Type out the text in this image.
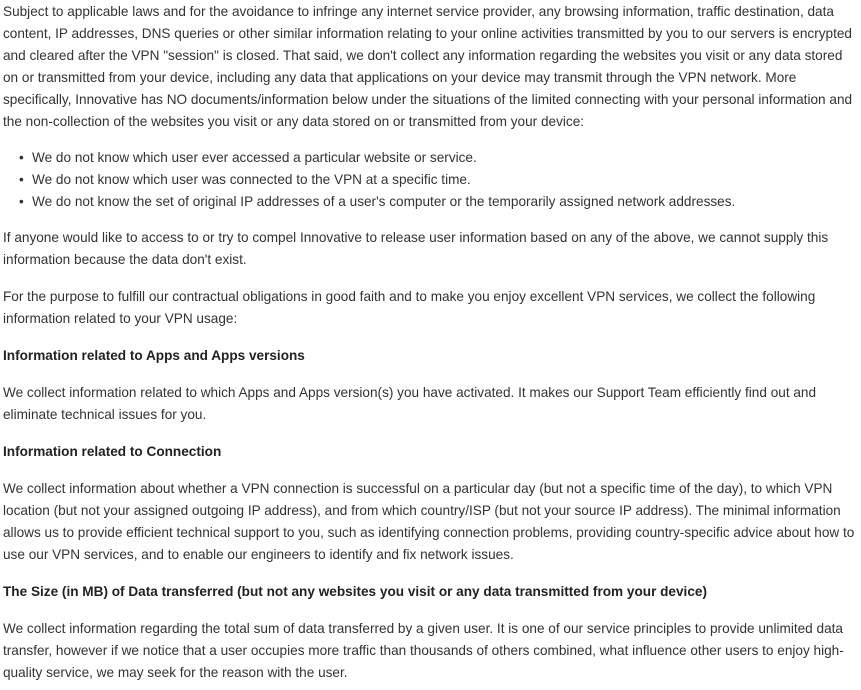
Subject to applicable laws and for the avoidance to infringe any internet service provider, any browsing information, traffic destination, data content, IP addresses, DNS queries or other similar information relating to your online activities transmitted by you to our servers is encrypted and cleared after the VPN "session" is closed. That said, we don't collect any information regarding the websites you visit or any data stored on or transmitted from your device, including any data that applications on your device may transmit through the VPN network. More specifically, Innovative has NO documents/information below under the situations of the limited connecting with your personal information and the non-collection of the websites you visit or any data stored on or transmitted from your device:

• We do not know which user ever accessed a particular website or service.
• We do not know which user was connected to the VPN at a specific time.
• We do not know the set of original IP addresses of a user's computer or the temporarily assigned network addresses.

If anyone would like to access to or try to compel Innovative to release user information based on any of the above, we cannot supply this information because the data don't exist.

For the purpose to fulfill our contractual obligations in good faith and to make you enjoy excellent VPN services, we collect the following information related to your VPN usage:

Information related to Apps and Apps versions

We collect information related to which Apps and Apps version(s) you have activated. It makes our Support Team efficiently find out and eliminate technical issues for you.

Information related to Connection

We collect information about whether a VPN connection is successful on a particular day (but not a specific time of the day), to which VPN location (but not your assigned outgoing IP address), and from which country/ISP (but not your source IP address). The minimal information allows us to provide efficient technical support to you, such as identifying connection problems, providing country-specific advice about how to use our VPN services, and to enable our engineers to identify and fix network issues.

The Size (in MB) of Data transferred (but not any websites you visit or any data transmitted from your device)

We collect information regarding the total sum of data transferred by a given user. It is one of our service principles to provide unlimited data transfer, however if we notice that a user occupies more traffic than thousands of others combined, what influence other users to enjoy high-quality service, we may seek for the reason with the user.
